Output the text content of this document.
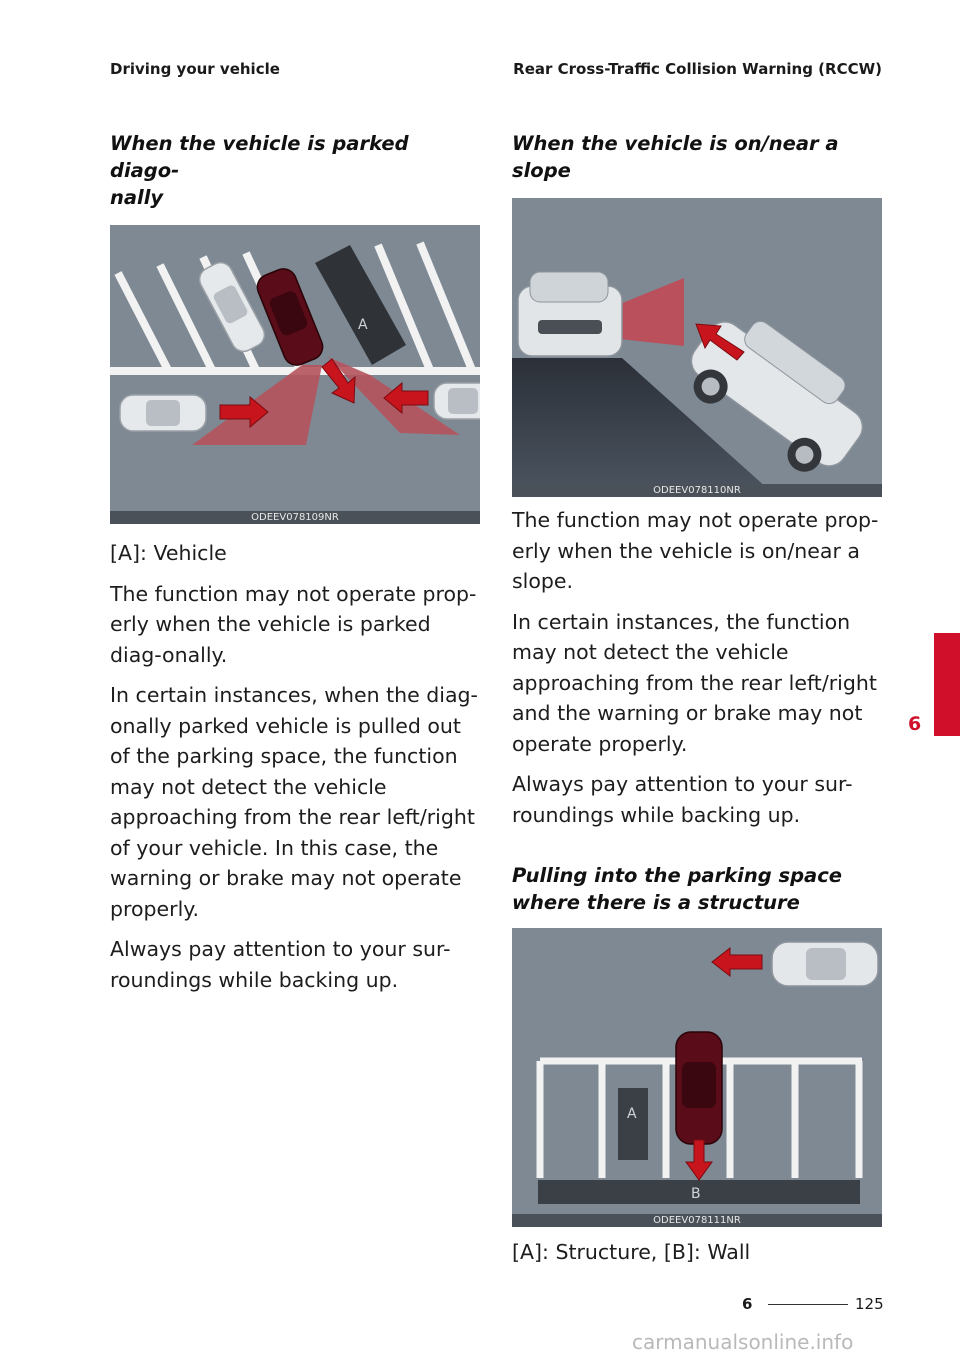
Driving your vehicle	Rear Cross-Traffic Collision Warning (RCCW)
When the vehicle is parked diago-
nally
A
ODEEV078109NR
[A]: Vehicle
The function may not operate prop-erly when the vehicle is parked diag-onally.
In certain instances, when the diag-onally parked vehicle is pulled out of the parking space, the function may not detect the vehicle approaching from the rear left/right of your vehicle. In this case, the warning or brake may not operate properly.
Always pay attention to your sur-roundings while backing up.
When the vehicle is on/near a slope
ODEEV078110NR
The function may not operate prop-erly when the vehicle is on/near a slope.
In certain instances, the function may not detect the vehicle approaching from the rear left/right and the warning or brake may not operate properly.
Always pay attention to your sur-roundings while backing up.
Pulling into the parking space
where there is a structure
A
B
ODEEV078111NR
[A]: Structure, [B]: Wall
6
6	125
carmanualsonline.info
